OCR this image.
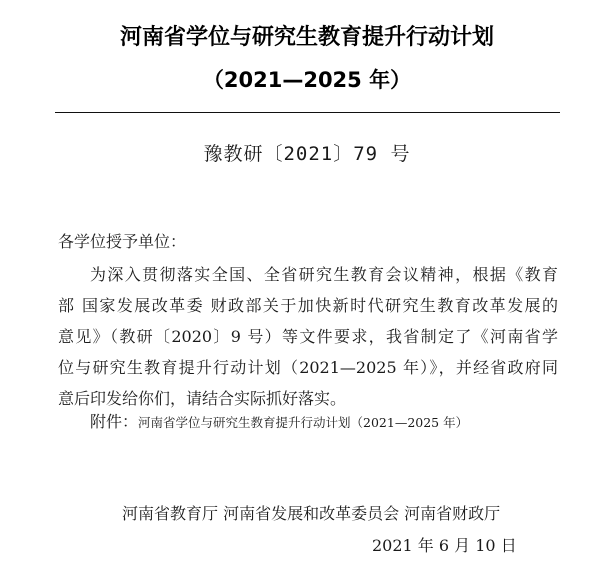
河南省学位与研究生教育提升行动计划
（2021—2025 年）
豫教研〔2021〕79 号
各学位授予单位：
为深入贯彻落实全国、全省研究生教育会议精神，根据《教育
部 国家发展改革委 财政部关于加快新时代研究生教育改革发展的
意见》（教研〔2020〕9 号）等文件要求，我省制定了《河南省学
位与研究生教育提升行动计划（2021—2025 年）》，并经省政府同
意后印发给你们，请结合实际抓好落实。
附件：河南省学位与研究生教育提升行动计划（2021—2025 年）
河南省教育厅 河南省发展和改革委员会 河南省财政厅
2021 年 6 月 10 日
